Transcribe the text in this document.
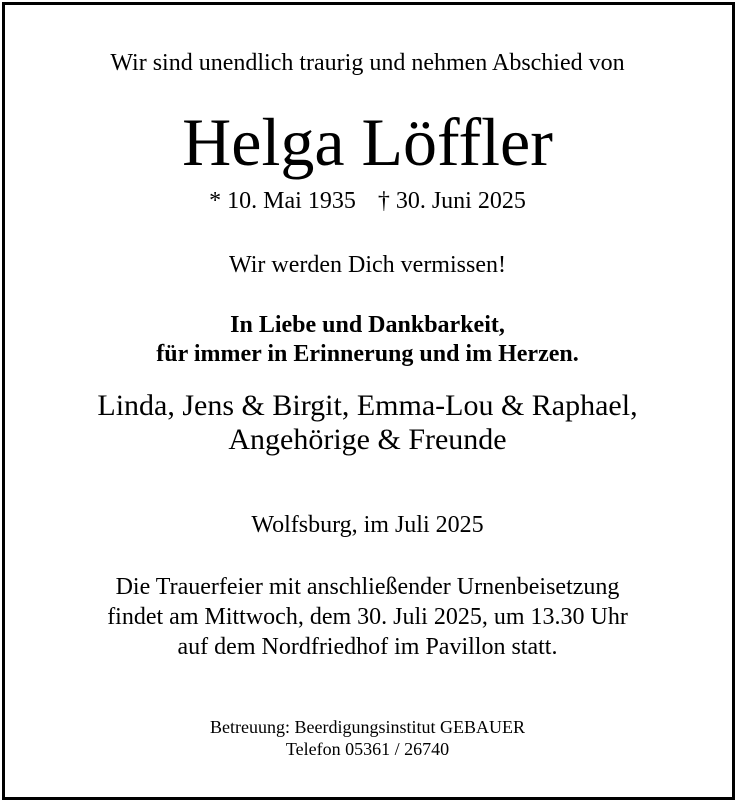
Wir sind unendlich traurig und nehmen Abschied von
Helga Löffler
* 10. Mai 1935 † 30. Juni 2025
Wir werden Dich vermissen!
In Liebe und Dankbarkeit,
für immer in Erinnerung und im Herzen.
Linda, Jens & Birgit, Emma-Lou & Raphael,
Angehörige & Freunde
Wolfsburg, im Juli 2025
Die Trauerfeier mit anschließender Urnenbeisetzung
findet am Mittwoch, dem 30. Juli 2025, um 13.30 Uhr
auf dem Nordfriedhof im Pavillon statt.
Betreuung: Beerdigungsinstitut GEBAUER
Telefon 05361 / 26740
